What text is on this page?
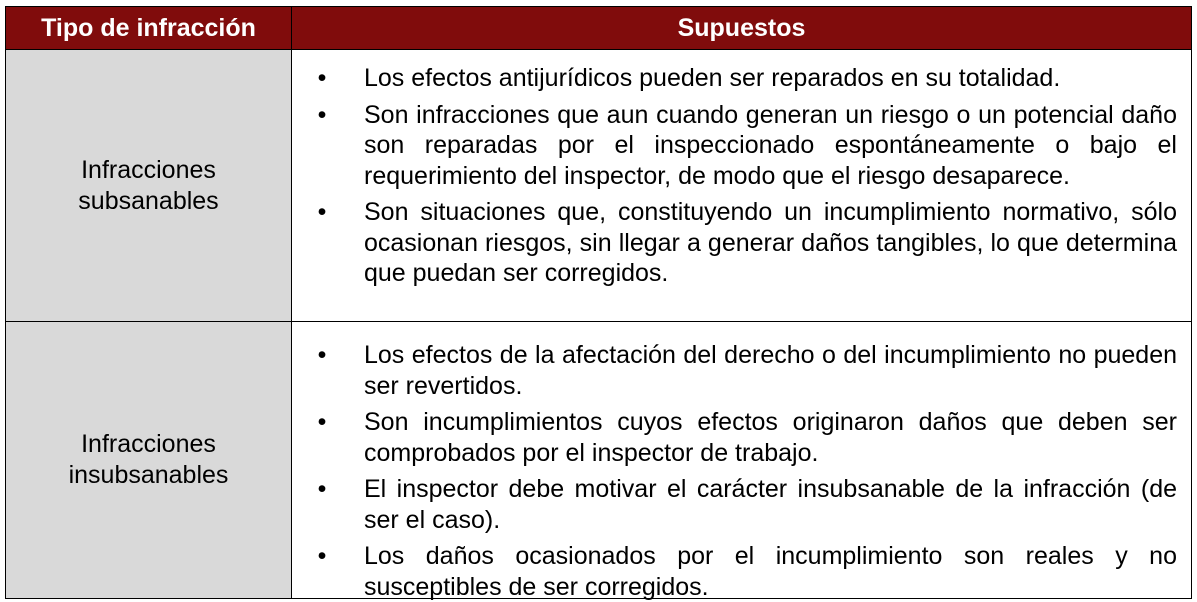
Tipo de infracción	Supuestos
Infracciones
subsanables
• Los efectos antijurídicos pueden ser reparados en su totalidad.
• Son infracciones que aun cuando generan un riesgo o un potencial daño son reparadas por el inspeccionado espontáneamente o bajo el requerimiento del inspector, de modo que el riesgo desaparece.
• Son situaciones que, constituyendo un incumplimiento normativo, sólo ocasionan riesgos, sin llegar a generar daños tangibles, lo que determina que puedan ser corregidos.
Infracciones
insubsanables
• Los efectos de la afectación del derecho o del incumplimiento no pueden ser revertidos.
• Son incumplimientos cuyos efectos originaron daños que deben ser comprobados por el inspector de trabajo.
• El inspector debe motivar el carácter insubsanable de la infracción (de ser el caso).
• Los daños ocasionados por el incumplimiento son reales y no susceptibles de ser corregidos.
